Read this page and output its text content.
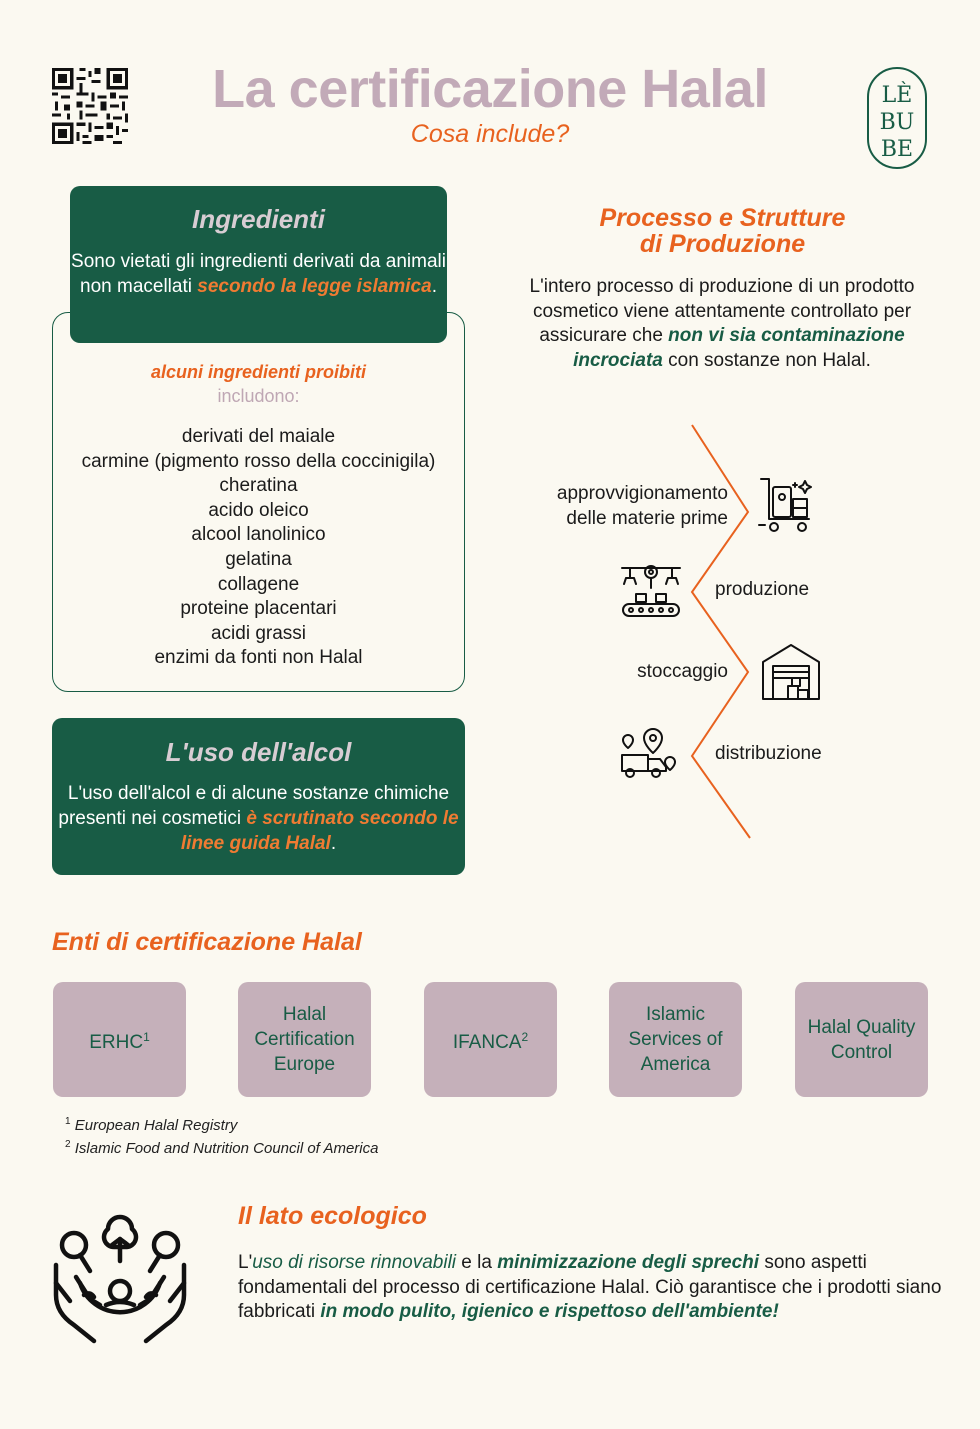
La certificazione Halal
Cosa include?
LÈ
BU
BE
Ingredienti

Sono vietati gli ingredienti derivati da animali non macellati secondo la legge islamica.

alcuni ingredienti proibiti
includono:
derivati del maiale
carmine (pigmento rosso della coccinigila)
cheratina
acido oleico
alcool lanolinico
gelatina
collagene
proteine placentari
acidi grassi
enzimi da fonti non Halal
L'uso dell'alcol

L'uso dell'alcol e di alcune sostanze chimiche presenti nei cosmetici è scrutinato secondo le linee guida Halal.

Processo e Strutture
di Produzione

L'intero processo di produzione di un prodotto cosmetico viene attentamente controllato per assicurare che non vi sia contaminazione incrociata con sostanze non Halal.

approvvigionamento delle materie prime
produzione
stoccaggio
distribuzione
Enti di certificazione Halal
ERHC$^1$
Halal Certification Europe
IFANCA$^2$
Islamic Services of America
Halal Quality Control
$^1$ European Halal Registry
$^2$ Islamic Food and Nutrition Council of America
Il lato ecologico

L'uso di risorse rinnovabili e la minimizzazione degli sprechi sono aspetti fondamentali del processo di certificazione Halal. Ciò garantisce che i prodotti siano fabbricati in modo pulito, igienico e rispettoso dell'ambiente!
